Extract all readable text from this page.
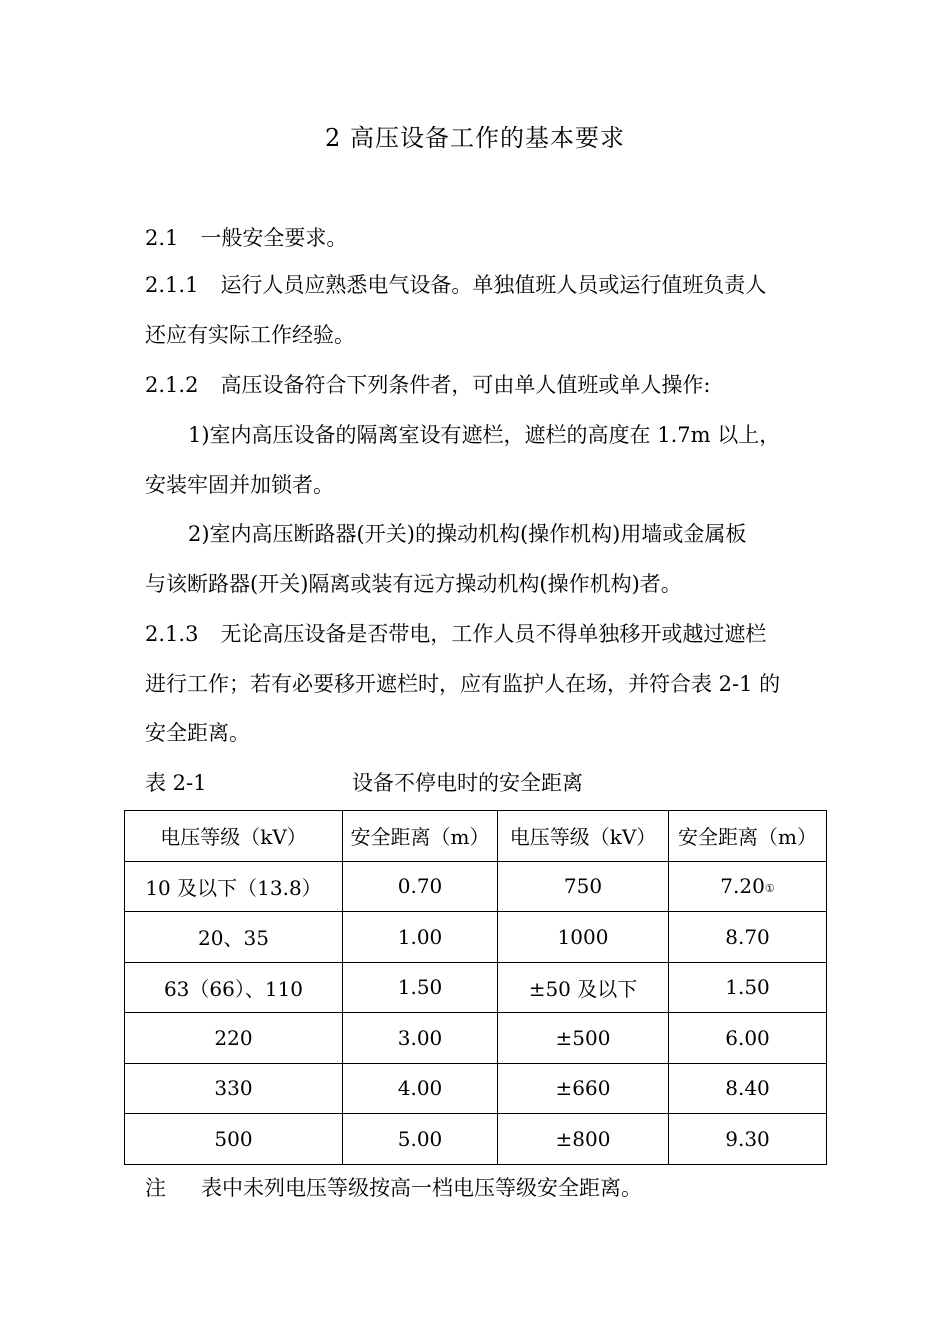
2 高压设备工作的基本要求
2.1 一般安全要求。
2.1.1 运行人员应熟悉电气设备。单独值班人员或运行值班负责人
还应有实际工作经验。
2.1.2 高压设备符合下列条件者，可由单人值班或单人操作:
1)室内高压设备的隔离室设有遮栏，遮栏的高度在 1.7m 以上，
安装牢固并加锁者。
2)室内高压断路器(开关)的操动机构(操作机构)用墙或金属板
与该断路器(开关)隔离或装有远方操动机构(操作机构)者。
2.1.3 无论高压设备是否带电，工作人员不得单独移开或越过遮栏
进行工作；若有必要移开遮栏时，应有监护人在场，并符合表 2-1 的
安全距离。
表 2-1	设备不停电时的安全距离
电压等级（kV）	安全距离（m）	电压等级（kV）	安全距离（m）
10 及以下（13.8）	0.70	750	7.20①
20、35	1.00	1000	8.70
63（66）、110	1.50	±50 及以下	1.50
220	3.00	±500	6.00
330	4.00	±660	8.40
500	5.00	±800	9.30
注 表中未列电压等级按高一档电压等级安全距离。
